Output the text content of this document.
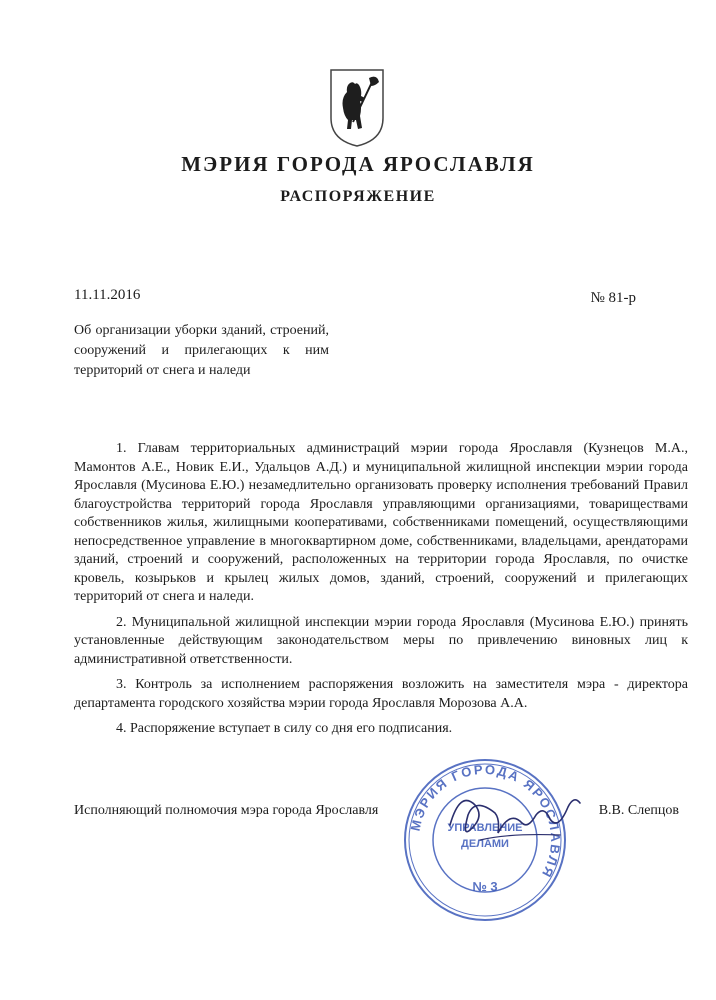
МЭРИЯ ГОРОДА ЯРОСЛАВЛЯ
РАСПОРЯЖЕНИЕ
11.11.2016	№ 81-р
Об организации уборки зданий, строений, сооружений и прилегающих к ним территорий от снега и наледи

1. Главам территориальных администраций мэрии города Ярославля (Кузнецов М.А., Мамонтов А.Е., Новик Е.И., Удальцов А.Д.) и муниципальной жилищной инспекции мэрии города Ярославля (Мусинова Е.Ю.) незамедлительно организовать проверку исполнения требований Правил благоустройства территорий города Ярославля управляющими организациями, товариществами собственников жилья, жилищными кооперативами, собственниками помещений, осуществляющими непосредственное управление в многоквартирном доме, собственниками, владельцами, арендаторами зданий, строений и сооружений, расположенных на территории города Ярославля, по очистке кровель, козырьков и крылец жилых домов, зданий, строений, сооружений и прилегающих территорий от снега и наледи.

2. Муниципальной жилищной инспекции мэрии города Ярославля (Мусинова Е.Ю.) принять установленные действующим законодательством меры по привлечению виновных лиц к административной ответственности.

3. Контроль за исполнением распоряжения возложить на заместителя мэра - директора департамента городского хозяйства мэрии города Ярославля Морозова А.А.

4. Распоряжение вступает в силу со дня его подписания.

Исполняющий полномочия мэра города Ярославля	В.В. Слепцов
МЭРИЯ ГОРОДА ЯРОСЛАВЛЯ
УПРАВЛЕНИЕ
ДЕЛАМИ
№ 3
